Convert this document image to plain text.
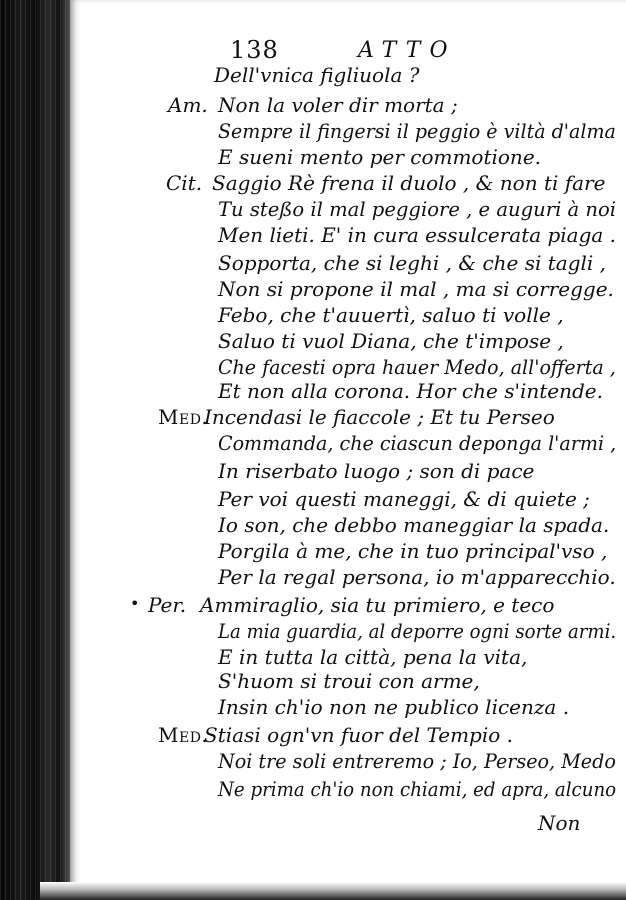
138	ATTO
•
Dell'vnica figliuola ?
Am. Non la voler dir morta ;
Sempre il fingersi il peggio è viltà d'alma
E sueni mento per commotione.
Cit. Saggio Rè frena il duolo , & non ti fare
Tu steßo il mal peggiore , e auguri à noi
Men lieti. E' in cura essulcerata piaga .
Sopporta, che si leghi , & che si tagli ,
Non si propone il mal , ma si corregge.
Febo, che t'auuertì, saluo ti volle ,
Saluo ti vuol Diana, che t'impose ,
Che facesti opra hauer Medo, all'offerta ,
Et non alla corona. Hor che s'intende.
Med.
Incendasi le fiaccole ; Et tu Perseo
Commanda, che ciascun deponga l'armi ,
In riserbato luogo ; son di pace
Per voi questi maneggi, & di quiete ;
Io son, che debbo maneggiar la spada.
Porgila à me, che in tuo principal'vso ,
Per la regal persona, io m'apparecchio.
Per. Ammiraglio, sia tu primiero, e teco
La mia guardia, al deporre ogni sorte armi.
E in tutta la città, pena la vita,
S'huom si troui con arme,
Insin ch'io non ne publico licenza .
Med.
Stiasi ogn'vn fuor del Tempio .
Noi tre soli entreremo ; Io, Perseo, Medo
Ne prima ch'io non chiami, ed apra, alcuno
Non
